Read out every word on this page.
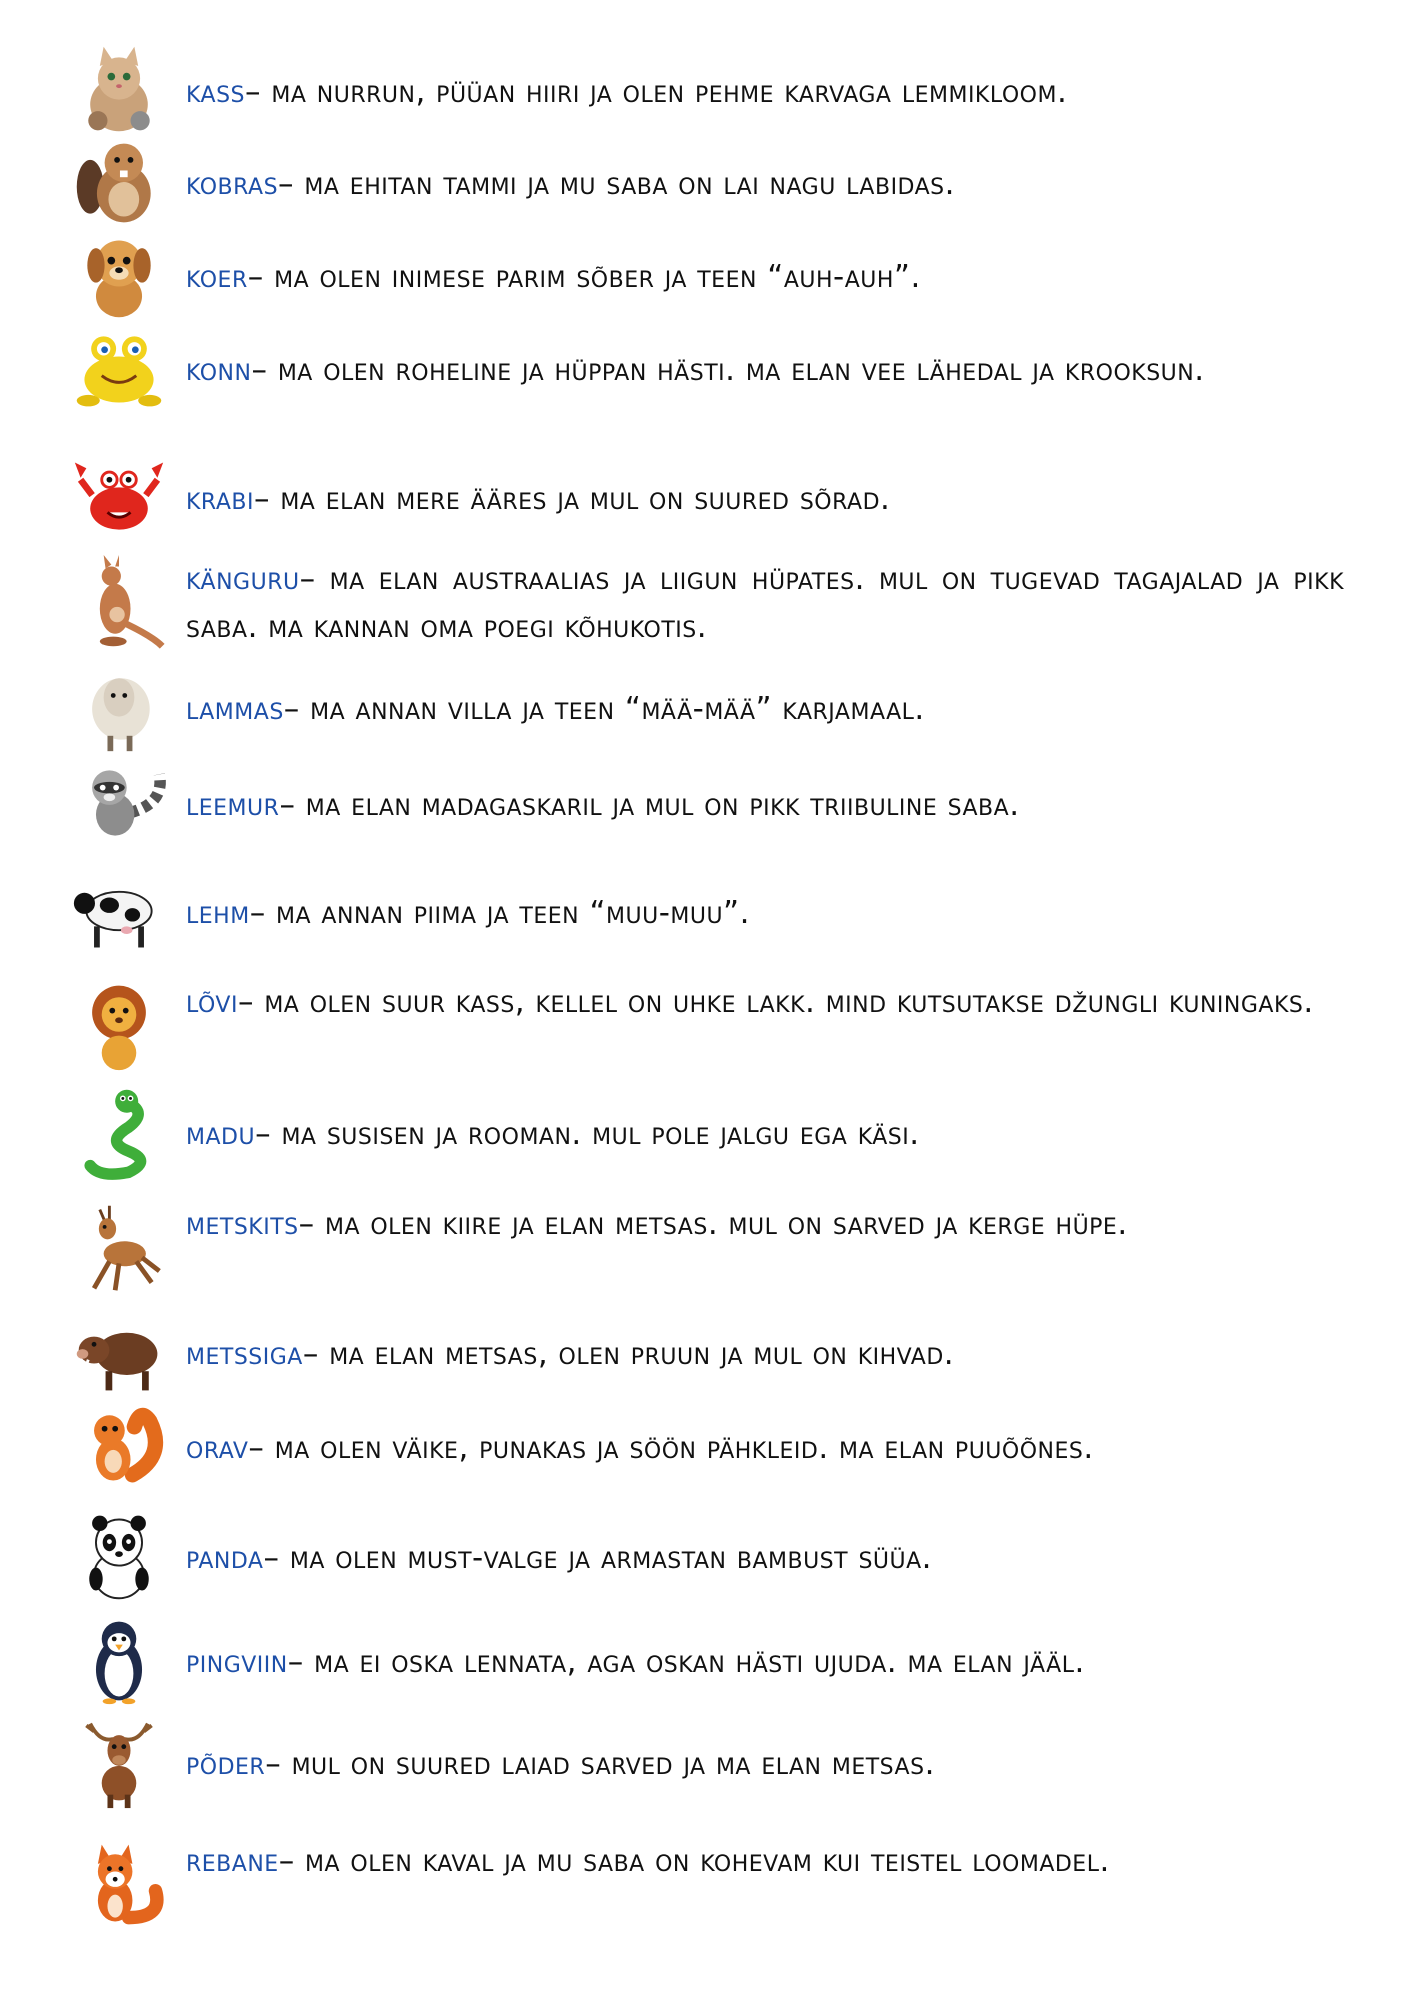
kass– ma nurrun, püüan hiiri ja olen pehme karvaga lemmikloom.
kobras– ma ehitan tammi ja mu saba on lai nagu labidas.
koer– ma olen inimese parim sõber ja teen “auh-auh”.
konn– ma olen roheline ja hüppan hästi. ma elan vee lähedal ja krooksun.
krabi– ma elan mere ääres ja mul on suured sõrad.
känguru– ma elan austraalias ja liigun hüpates. mul on tugevad tagajalad ja pikk saba. ma kannan oma poegi kõhukotis.
lammas– ma annan villa ja teen “mää-mää” karjamaal.
leemur– ma elan madagaskaril ja mul on pikk triibuline saba.
lehm– ma annan piima ja teen “muu-muu”.
lõvi– ma olen suur kass, kellel on uhke lakk. mind kutsutakse džungli kuningaks.
madu– ma susisen ja rooman. mul pole jalgu ega käsi.
metskits– ma olen kiire ja elan metsas. mul on sarved ja kerge hüpe.
metssiga– ma elan metsas, olen pruun ja mul on kihvad.
orav– ma olen väike, punakas ja söön pähkleid. ma elan puuõõnes.
panda– ma olen must-valge ja armastan bambust süüa.
pingviin– ma ei oska lennata, aga oskan hästi ujuda. ma elan jääl.
põder– mul on suured laiad sarved ja ma elan metsas.
rebane– ma olen kaval ja mu saba on kohevam kui teistel loomadel.
